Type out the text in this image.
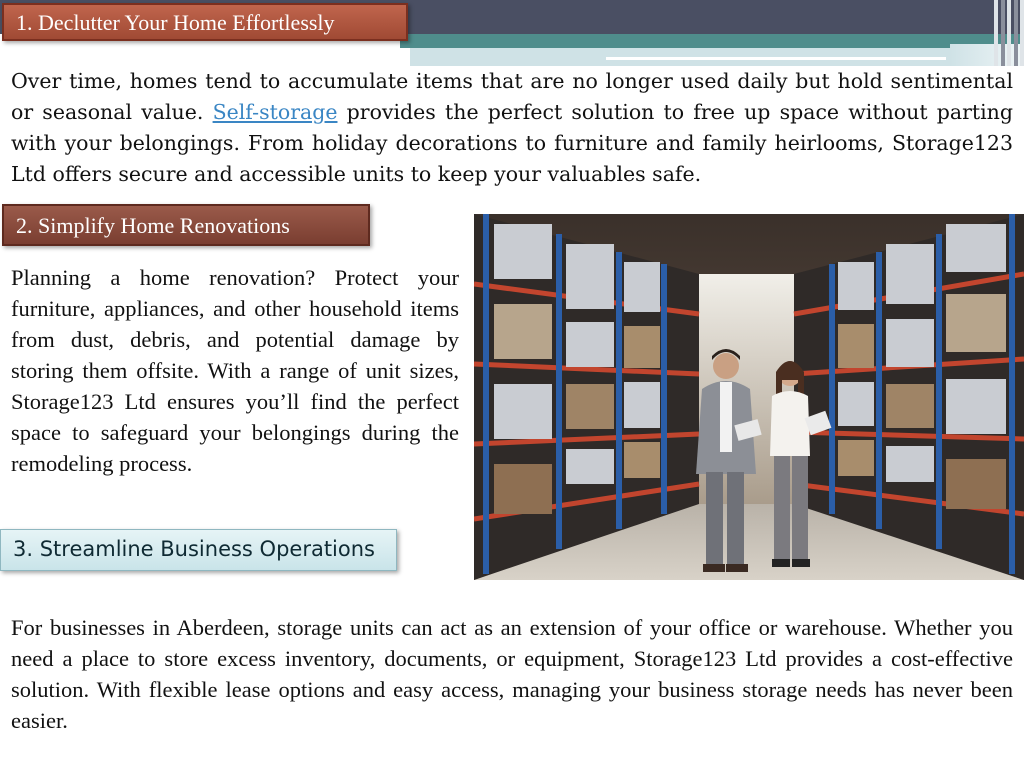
1. Declutter Your Home Effortlessly

Over time, homes tend to accumulate items that are no longer used daily but hold sentimental or seasonal value. Self-storage provides the perfect solution to free up space without parting with your belongings. From holiday decorations to furniture and family heirlooms, Storage123 Ltd offers secure and accessible units to keep your valuables safe.

2. Simplify Home Renovations

Planning a home renovation? Protect your furniture, appliances, and other household items from dust, debris, and potential damage by storing them offsite. With a range of unit sizes, Storage123 Ltd ensures you’ll find the perfect space to safeguard your belongings during the remodeling process.

3. Streamline Business Operations

For businesses in Aberdeen, storage units can act as an extension of your office or warehouse. Whether you need a place to store excess inventory, documents, or equipment, Storage123 Ltd provides a cost-effective solution. With flexible lease options and easy access, managing your business storage needs has never been easier.
